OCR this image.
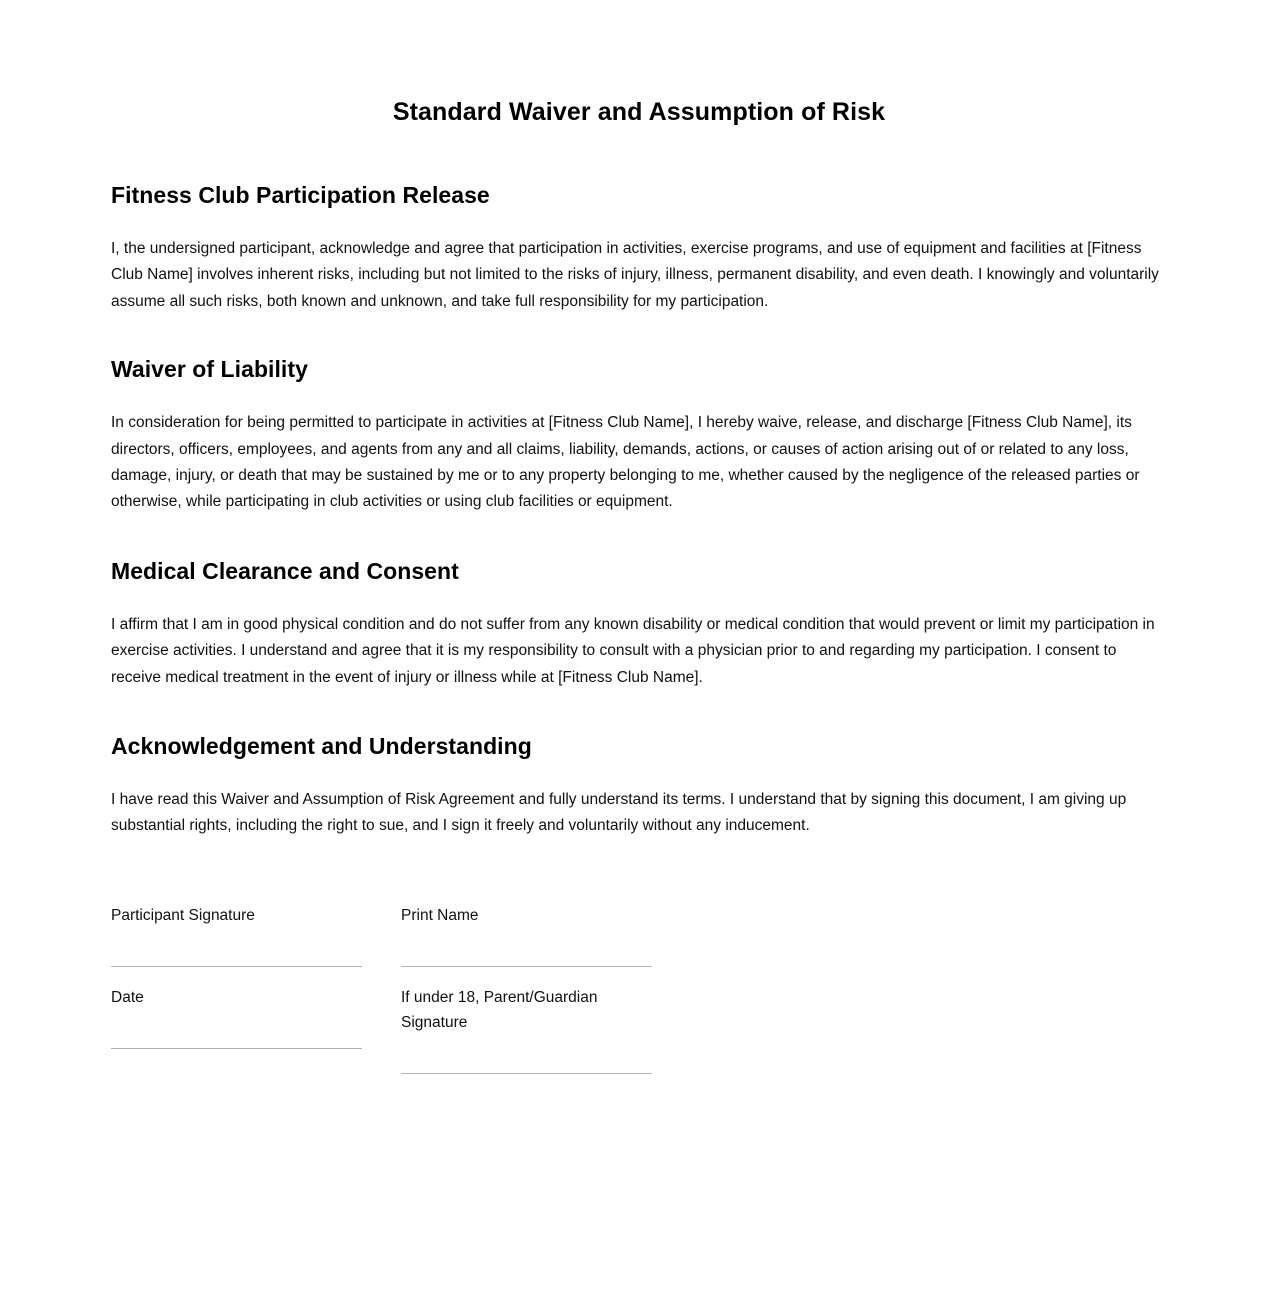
Standard Waiver and Assumption of Risk
Fitness Club Participation Release

I, the undersigned participant, acknowledge and agree that participation in activities, exercise programs, and use of equipment and facilities at [Fitness Club Name] involves inherent risks, including but not limited to the risks of injury, illness, permanent disability, and even death. I knowingly and voluntarily assume all such risks, both known and unknown, and take full responsibility for my participation.

Waiver of Liability

In consideration for being permitted to participate in activities at [Fitness Club Name], I hereby waive, release, and discharge [Fitness Club Name], its directors, officers, employees, and agents from any and all claims, liability, demands, actions, or causes of action arising out of or related to any loss, damage, injury, or death that may be sustained by me or to any property belonging to me, whether caused by the negligence of the released parties or otherwise, while participating in club activities or using club facilities or equipment.

Medical Clearance and Consent

I affirm that I am in good physical condition and do not suffer from any known disability or medical condition that would prevent or limit my participation in exercise activities. I understand and agree that it is my responsibility to consult with a physician prior to and regarding my participation. I consent to receive medical treatment in the event of injury or illness while at [Fitness Club Name].

Acknowledgement and Understanding

I have read this Waiver and Assumption of Risk Agreement and fully understand its terms. I understand that by signing this document, I am giving up substantial rights, including the right to sue, and I sign it freely and voluntarily without any inducement.

Participant Signature	Print Name
Date	If under 18, Parent/Guardian Signature
